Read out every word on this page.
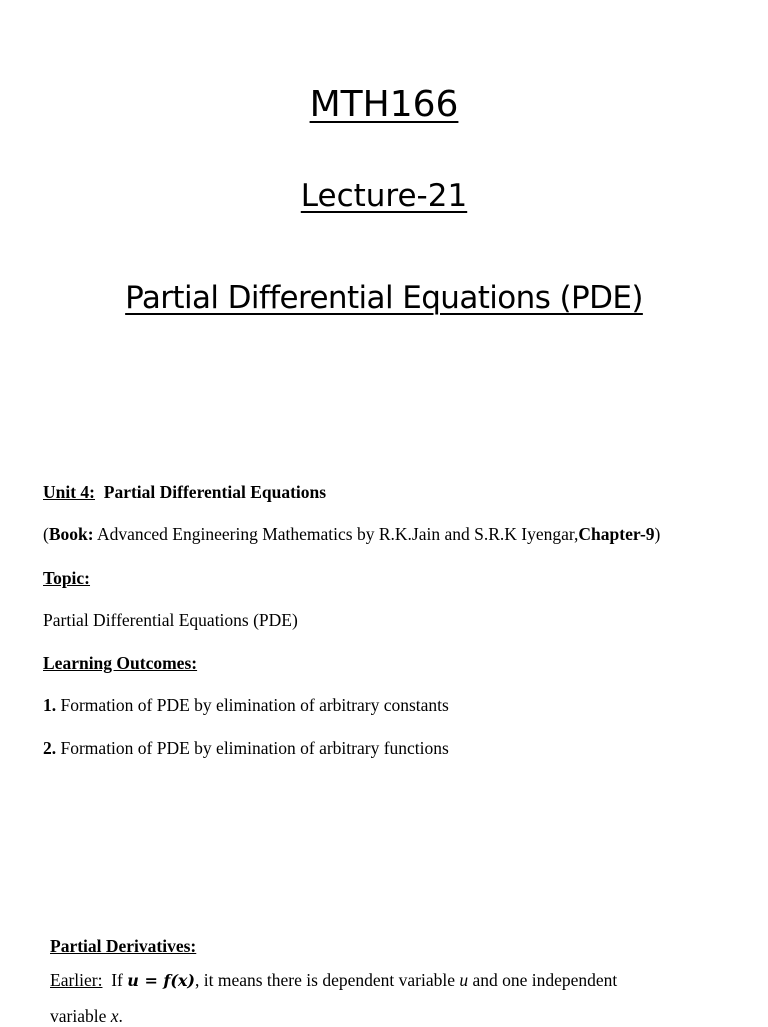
MTH166
Lecture-21
Partial Differential Equations (PDE)
Unit 4: Partial Differential Equations
(Book: Advanced Engineering Mathematics by R.K.Jain and S.R.K Iyengar,Chapter-9)
Topic:
Partial Differential Equations (PDE)
Learning Outcomes:
1. Formation of PDE by elimination of arbitrary constants
2. Formation of PDE by elimination of arbitrary functions
Partial Derivatives:
Earlier:  If u = f(x), it means there is dependent variable u and one independent
variable x.
